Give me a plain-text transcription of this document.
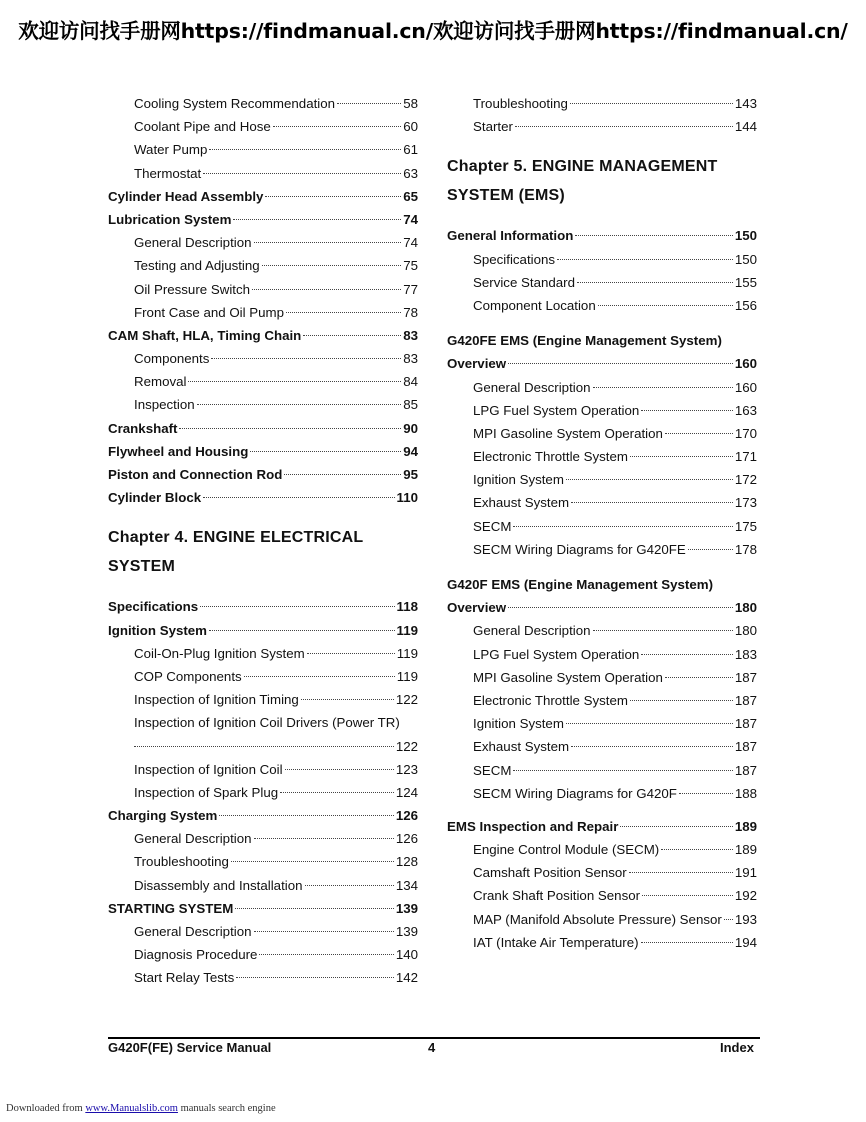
欢迎访问找手册网https://findmanual.cn/欢迎访问找手册网https://findmanual.cn/
Cooling System Recommendation	58
Coolant Pipe and Hose	60
Water Pump	61
Thermostat	63
Cylinder Head Assembly	65
Lubrication System	74
General Description	74
Testing and Adjusting	75
Oil Pressure Switch	77
Front Case and Oil Pump	78
CAM Shaft, HLA, Timing Chain	83
Components	83
Removal	84
Inspection	85
Crankshaft	90
Flywheel and Housing	94
Piston and Connection Rod	95
Cylinder Block	110
Chapter 4. ENGINE ELECTRICAL
SYSTEM
Specifications	118
Ignition System	119
Coil-On-Plug Ignition System	119
COP Components	119
Inspection of Ignition Timing	122
Inspection of Ignition Coil Drivers (Power TR)
122
Inspection of Ignition Coil	123
Inspection of Spark Plug	124
Charging System	126
General Description	126
Troubleshooting	128
Disassembly and Installation	134
STARTING SYSTEM	139
General Description	139
Diagnosis Procedure	140
Start Relay Tests	142
Troubleshooting	143
Starter	144
Chapter 5. ENGINE MANAGEMENT
SYSTEM (EMS)
General Information	150
Specifications	150
Service Standard	155
Component Location	156
G420FE EMS (Engine Management System)
Overview	160
General Description	160
LPG Fuel System Operation	163
MPI Gasoline System Operation	170
Electronic Throttle System	171
Ignition System	172
Exhaust System	173
SECM	175
SECM Wiring Diagrams for G420FE	178
G420F EMS (Engine Management System)
Overview	180
General Description	180
LPG Fuel System Operation	183
MPI Gasoline System Operation	187
Electronic Throttle System	187
Ignition System	187
Exhaust System	187
SECM	187
SECM Wiring Diagrams for G420F	188
EMS Inspection and Repair	189
Engine Control Module (SECM)	189
Camshaft Position Sensor	191
Crank Shaft Position Sensor	192
MAP (Manifold Absolute Pressure) Sensor 193
IAT (Intake Air Temperature)	194
G420F(FE) Service Manual	4	Index
Downloaded from www.Manualslib.com manuals search engine
